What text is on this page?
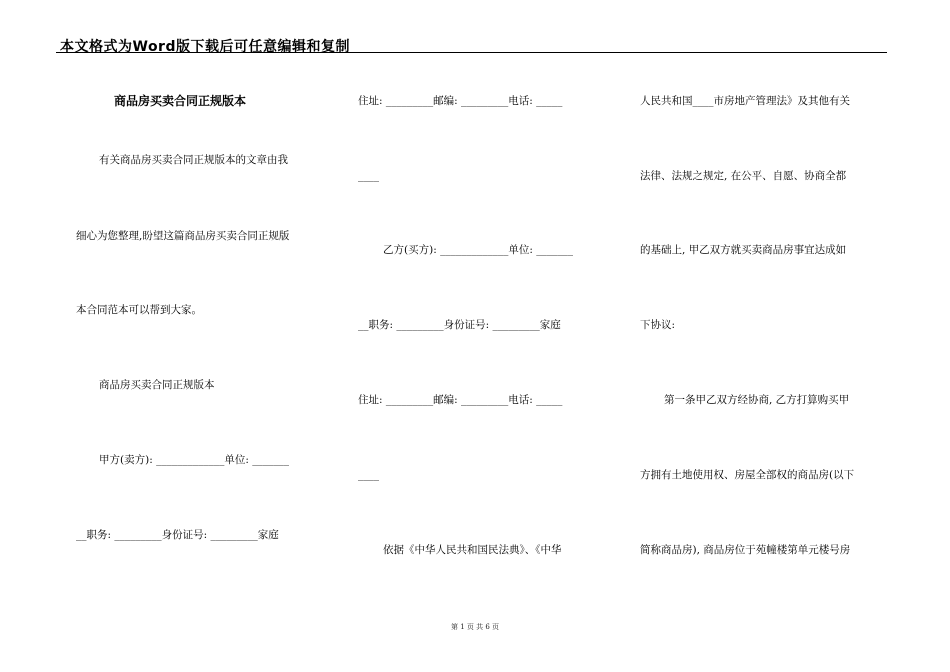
本文格式为Word版下载后可任意编辑和复制
商品房买卖合同正规版本
有关商品房买卖合同正规版本的文章由我
细心为您整理,盼望这篇商品房买卖合同正规版
本合同范本可以帮到大家。
商品房买卖合同正规版本
甲方(卖方): _____________单位: _______
__职务: _________身份证号: _________家庭
住址: _________邮编: _________电话: _____
____
乙方(买方): _____________单位: _______
__职务: _________身份证号: _________家庭
住址: _________邮编: _________电话: _____
____
依据《中华人民共和国民法典》、《中华
人民共和国____市房地产管理法》及其他有关
法律、法规之规定, 在公平、自愿、协商全都
的基础上, 甲乙双方就买卖商品房事宜达成如
下协议:
第一条甲乙双方经协商, 乙方打算购买甲
方拥有土地使用权、房屋全部权的商品房(以下
简称商品房), 商品房位于苑幢楼第单元楼号房
第 1 页 共 6 页
